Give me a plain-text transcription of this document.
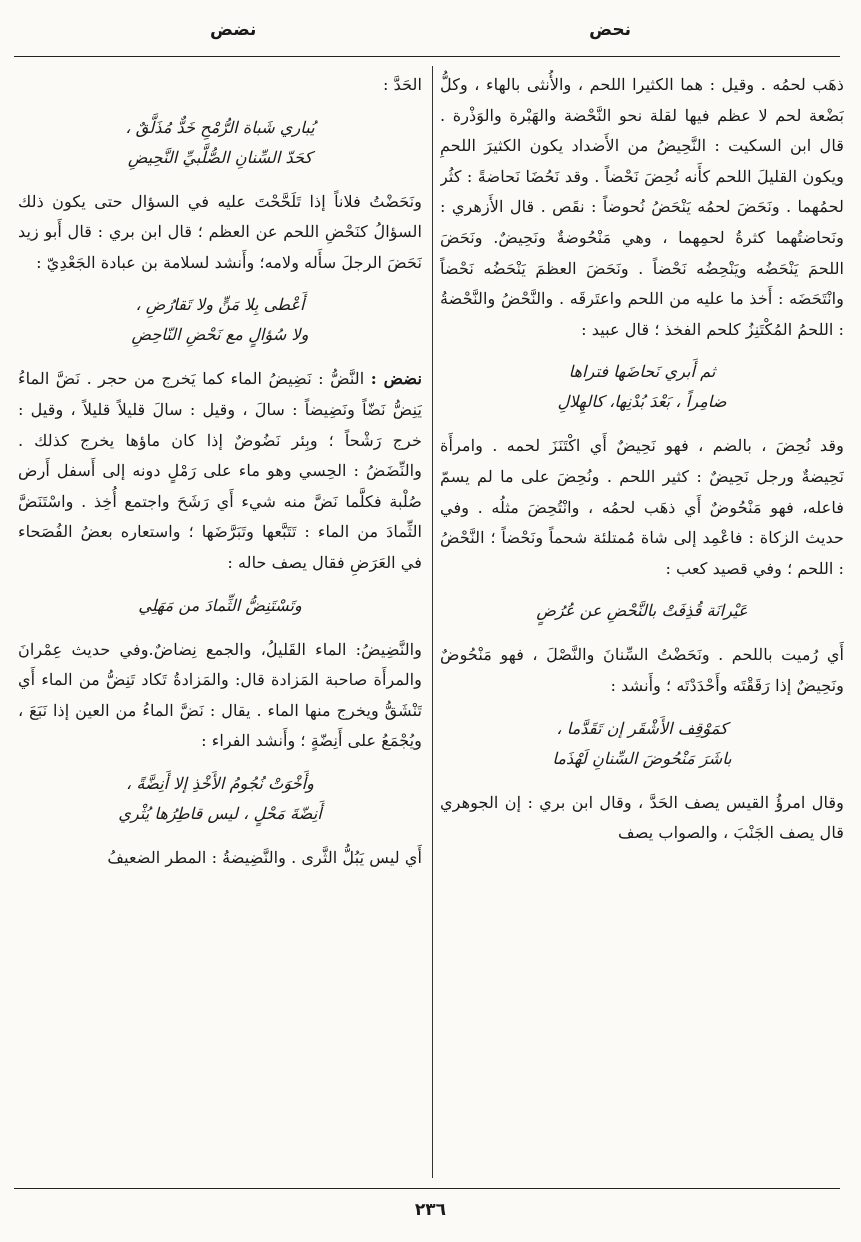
نحض
نضض

ذهَب لحمُه . وقيل : هما الكثيرا اللحم ، والأُنثى بالهاء ، وكلُّ بَضْعة لحم لا عظم فيها لقلة نحو النَّحْضة والهَبْرة والوَذْرة . قال ابن السكيت : النَّحِيضُ من الأَضداد يكون الكثيرَ اللحمِ ويكون القليلَ اللحم كأَنه نُحِضَ نَحْضاً . وقد نَحُضَا نَحاضةً : كثُر لحمُهما . ونَحَضَ لحمُه يَنْحَضُ نُحوضاً : نقَص . قال الأَزهري : ونَحاضتُهما كثرةُ لحمِهما ، وهي مَنْحُوضةٌ ونَحِيضٌ. ونَحَضَ اللحمَ يَنْحَضُه ويَنْحِضُه نَحْضاً . ونَحَضَ العظمَ يَنْحَضُه نَحْضاً وانْتَحَضَه : أَخذ ما عليه من اللحم واعتَرقَه . والنَّحْضُ والنَّحْضةُ : اللحمُ المُكْتَنِزُ كلحم الفخذ ؛ قال عبيد :

ثم أَبري نَحاضَها فتراها
ضامِراً ، بَعْدَ بُدْنِها، كالهِلالِ

وقد نُحِضَ ، بالضم ، فهو نَحِيضٌ أَي اكْتَنَزَ لحمه . وامرأَة نَحِيضةٌ ورجل نَحِيضٌ : كثير اللحم . ونُحِضَ على ما لم يسمّ فاعله، فهو مَنْحُوضٌ أَي ذهَب لحمُه ، وانْتُحِضَ مثلُه . وفي حديث الزكاة : فاعْمِد إلى شاة مُمتلئة شحماً ونَحْضاً ؛ النَّحْضُ : اللحم ؛ وفي قصيد كعب :

عَيْرانَة قُذِفَتْ بالنَّحْضِ عن عُرُضٍ

أَي رُميت باللحم . ونَحَضْتُ السِّنانَ والنَّصْلَ ، فهو مَنْحُوضٌ ونَحِيضٌ إذا رَقَقْتَه وأَحْدَدْتَه ؛ وأَنشد :

كمَوْقِف الأَشْقَر إن تَقَدَّما ،
باشَرَ مَنْحُوضَ السِّنانِ لَهْذَما

وقال امرؤُ القيس يصف الحَدَّ ، وقال ابن بري : إن الجوهري قال يصف الجَنْبَ ، والصواب يصف

الحَدَّ :

يُباري شَباة الرُّمْحِ خَدٌّ مُذَلَّقٌ ،
كحَدّ السِّنانِ الصُّلَّبيِّ النَّحِيضِ

ونَحَضْتُ فلاناً إذا تَلَحَّحْتَ عليه في السؤال حتى يكون ذلك السؤالُ كنَحْضِ اللحم عن العظم ؛ قال ابن بري : قال أَبو زيد نَحَضَ الرجلَ سأَله ولامه؛ وأَنشد لسلامة بن عبادة الجَعْدِيّ :

أَعْطى بِلا مَنٍّ ولا تَقارُضِ ،
ولا سُؤالٍ مع نَحْضِ النّاحِضِ

نضض : النَّضُّ : نَضِيضُ الماء كما يَخرج من حجر . نَضَّ الماءُ يَنِضُّ نَضّاً ونَضِيضاً : سالَ ، وقيل : سالَ قليلاً قليلاً ، وقيل : خرج رَشْحاً ؛ وبِئر نَضُوضٌ إذا كان ماؤها يخرج كذلك . والنِّضَضُ : الحِسي وهو ماء على رَمْلٍ دونه إلى أَسفل أَرض صُلْبة فكلَّما نَضَّ منه شيء أَي رَشَحَ واجتمع أُخِذ . واسْتَنَضَّ الثِّمادَ من الماء : تَتَبَّعها وتَبَرَّضَها ؛ واستعاره بعضُ الفُصَحاء في العَرَضِ فقال يصف حاله :

وتَسْتَنِضُّ الثِّمادَ من مَهَلِي

والنَّضِيضُ: الماء القَليلُ، والجمع نِضاضٌ.وفي حديث عِمْرانَ والمرأَة صاحبة المَزادة قال: والمَزادةُ تَكاد تَنِضُّ من الماء أَي تَنْشَقُّ ويخرج منها الماء . يقال : نَضَّ الماءُ من العين إذا نَبَعَ ، ويُجْمَعُ على أَنِضّةٍ ؛ وأَنشد الفراء :

وأَخْوَتْ نُجُومُ الأَخْذِ إلا أَنِضَّةً ،
أَنِضّةَ مَحْلٍ ، ليس قاطِرُها يُثْري

أَي ليس يَبُلُّ الثَّرى . والنَّضِيضةُ : المطر الضعيفُ

٢٣٦
